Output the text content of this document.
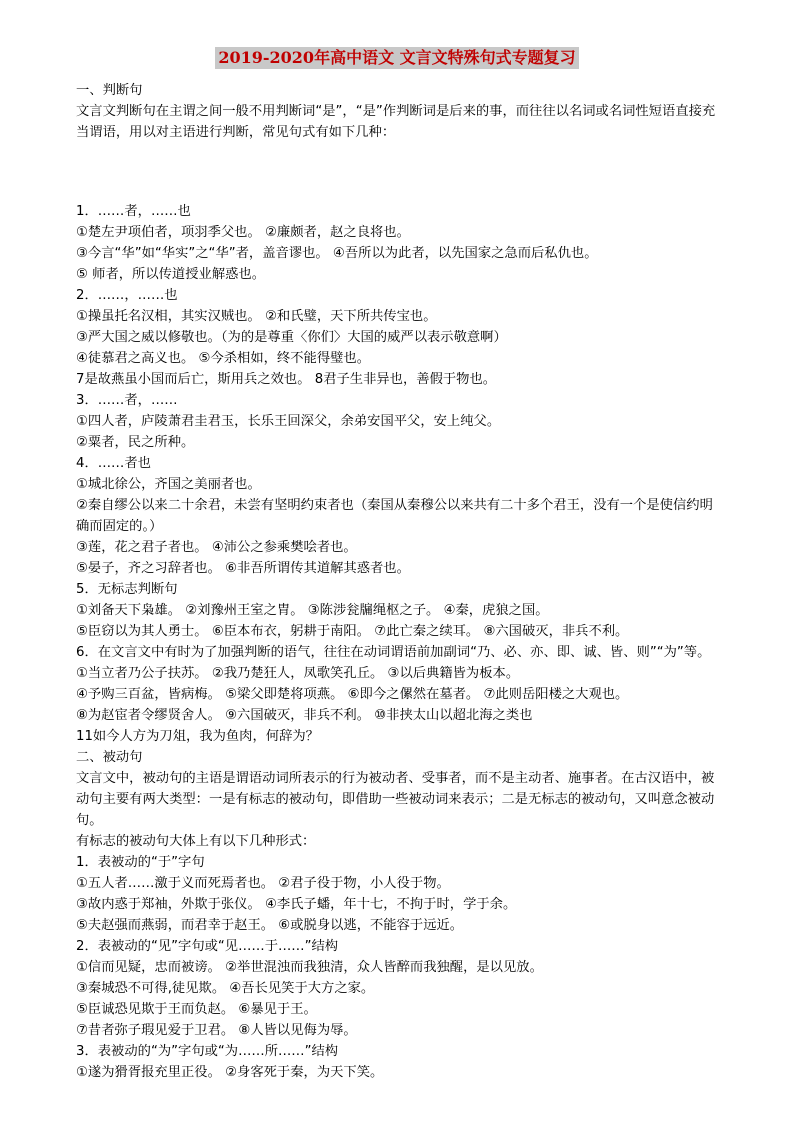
2019-2020年高中语文 文言文特殊句式专题复习

一、判断句

文言文判断句在主谓之间一般不用判断词“是”，“是”作判断词是后来的事，而往往以名词或名词性短语直接充当谓语，用以对主语进行判断，常见句式有如下几种：

1．……者，……也

①楚左尹项伯者，项羽季父也。 ②廉颇者，赵之良将也。

③今言“华”如“华实”之“华”者，盖音谬也。 ④吾所以为此者，以先国家之急而后私仇也。

⑤ 师者，所以传道授业解惑也。

2．……，……也

①操虽托名汉相，其实汉贼也。 ②和氏璧，天下所共传宝也。

③严大国之威以修敬也。（为的是尊重〈你们〉大国的威严以表示敬意啊）

④徒慕君之高义也。 ⑤今杀相如，终不能得璧也。

7是故燕虽小国而后亡，斯用兵之效也。 8君子生非异也，善假于物也。

3．……者，……

①四人者，庐陵萧君圭君玉，长乐王回深父，余弟安国平父，安上纯父。

②粟者，民之所种。

4．……者也

①城北徐公，齐国之美丽者也。

②秦自缪公以来二十余君，未尝有坚明约束者也（秦国从秦穆公以来共有二十多个君王，没有一个是使信约明确而固定的。）

③莲，花之君子者也。 ④沛公之参乘樊哙者也。

⑤晏子，齐之习辞者也。 ⑥非吾所谓传其道解其惑者也。

5．无标志判断句

①刘备天下枭雄。 ②刘豫州王室之胄。 ③陈涉瓮牖绳枢之子。 ④秦，虎狼之国。

⑤臣窃以为其人勇士。 ⑥臣本布衣，躬耕于南阳。 ⑦此亡秦之续耳。 ⑧六国破灭，非兵不利。

6．在文言文中有时为了加强判断的语气，往往在动词谓语前加副词“乃、必、亦、即、诚、皆、则”“为”等。

①当立者乃公子扶苏。 ②我乃楚狂人，凤歌笑孔丘。 ③以后典籍皆为板本。

④予购三百盆，皆病梅。 ⑤梁父即楚将项燕。 ⑥即今之傫然在墓者。 ⑦此则岳阳楼之大观也。

⑧为赵宦者令缪贤舍人。 ⑨六国破灭，非兵不利。 ⑩非挟太山以超北海之类也

11如今人方为刀俎，我为鱼肉，何辞为？

二、被动句

文言文中，被动句的主语是谓语动词所表示的行为被动者、受事者，而不是主动者、施事者。在古汉语中，被动句主要有两大类型：一是有标志的被动句，即借助一些被动词来表示；二是无标志的被动句，又叫意念被动句。

有标志的被动句大体上有以下几种形式：

1．表被动的“于”字句

①五人者……激于义而死焉者也。 ②君子役于物，小人役于物。

③故内惑于郑袖，外欺于张仪。 ④李氏子蟠，年十七，不拘于时，学于余。

⑤夫赵强而燕弱，而君幸于赵王。 ⑥或脱身以逃，不能容于远近。

2．表被动的“见”字句或“见……于……”结构

①信而见疑，忠而被谤。 ②举世混浊而我独清，众人皆醉而我独醒，是以见放。

③秦城恐不可得,徒见欺。 ④吾长见笑于大方之家。

⑤臣诚恐见欺于王而负赵。 ⑥暴见于王。

⑦昔者弥子瑕见爱于卫君。 ⑧人皆以见侮为辱。

3．表被动的“为”字句或“为……所……”结构

①遂为猾胥报充里正役。 ②身客死于秦，为天下笑。
